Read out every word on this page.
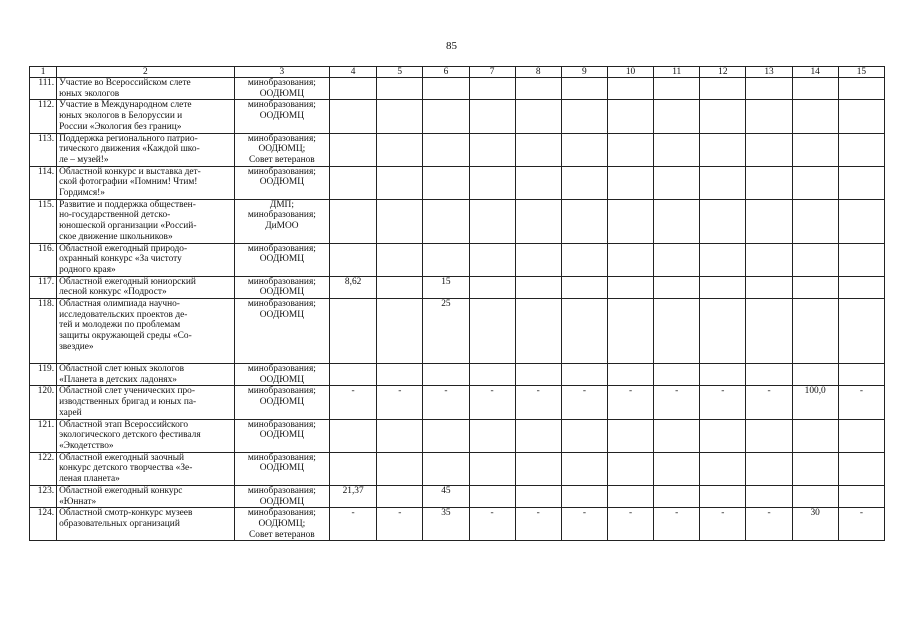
85
1	2	3	4	5	6	7	8	9	10	11	12	13	14	15
111.	Участие во Всероссийском слете
юных экологов	минобразования;
ООДЮМЦ												
112.	Участие в Международном слете
юных экологов в Белоруссии и
России «Экология без границ»	минобразования;
ООДЮМЦ												
113.	Поддержка регионального патрио-
тического движения «Каждой шко-
ле – музей!»	минобразования;
ООДЮМЦ;
Совет ветеранов												
114.	Областной конкурс и выставка дет-
ской фотографии «Помним! Чтим!
Гордимся!»	минобразования;
ООДЮМЦ												
115.	Развитие и поддержка обществен-
но-государственной детско-
юношеской организации «Россий-
ское движение школьников»	ДМП;
минобразования;
ДиМОО												
116.	Областной ежегодный природо-
охранный конкурс «За чистоту
родного края»	минобразования;
ООДЮМЦ												
117.	Областной ежегодный юниорский
лесной конкурс «Подрост»	минобразования;
ООДЮМЦ	8,62		15									
118.	Областная олимпиада научно-
исследовательских проектов де-
тей и молодежи по проблемам
защиты окружающей среды «Со-
звездие»	минобразования;
ООДЮМЦ			25									
119.	Областной слет юных экологов
«Планета в детских ладонях»	минобразования;
ООДЮМЦ												
120.	Областной слет ученических про-
изводственных бригад и юных па-
харей	минобразования;
ООДЮМЦ	-	-	-	-	-	-	-	-	-	-	100,0	-
121.	Областной этап Всероссийского
экологического детского фестиваля
«Экодетство»	минобразования;
ООДЮМЦ												
122.	Областной ежегодный заочный
конкурс детского творчества «Зе-
леная планета»	минобразования;
ООДЮМЦ												
123.	Областной ежегодный конкурс
«Юннат»	минобразования;
ООДЮМЦ	21,37		45									
124.	Областной смотр-конкурс музеев
образовательных организаций	минобразования;
ООДЮМЦ;
Совет ветеранов	-	-	35	-	-	-	-	-	-	-	30	-
